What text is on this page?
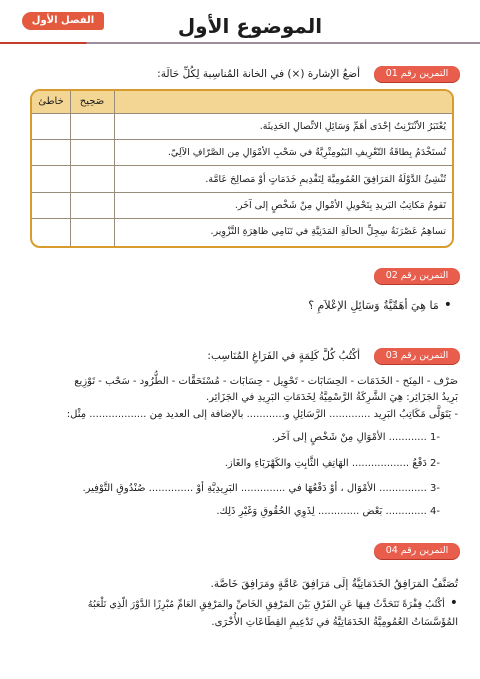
الفصل الأول	الموضوع الأول
التمرين رقم 01
أضعُ الإشارة (×) في الخانة المُناسِبة لِكُلِّ حَالَة:
خاطئ	صَحِيح
يُعْتَبَرُ الأنْتَرْنِتُ إحْدَى أهَمِّ وَسَائِلِ الاتِّصالِ الحَدِيثَة.
تُستَخْدَمُ بِطاقَةُ التّعْرِيفِ البَيُومِتْرِيَّةُ في سَحْبِ الأمْوَالِ مِن الصَّرّافِ الآلِيّ.
تُنْشِئُ الدَّوْلَةُ المَرَافِقَ العُمُومِيَّةَ لِتَقْدِيمِ خَدَمَاتٍ أوْ مَصالِحَ عَامَّة.
تَقومُ مَكاتِبُ البَريدِ بِتَحْويلِ الأمْوالِ مِنْ شَخْصٍ إلى آخَر.
تساهِمُ عَصْرَنَةُ سِجِلِّ الحالَةِ المَدَنِيَّةِ في تَنَامِي ظاهِرَةِ التَّزْوِير.
التمرين رقم 02
• مَا هِيَ أهَمِّيَّةُ وَسَائِلِ الإعْلاَمِ ؟
التمرين رقم 03
أكْتُبُ كُلَّ كَلِمَةٍ في الفَرَاغِ المُنَاسِب:
صَرْف - المِنَح - الخَدَمَات - الحِسَابَات - تَحْوِيل - حِسَابَات - مُسْتَحَقَّات - الطُّرُود - سَحْب - تَوْزِيع
بَرِيدُ الجَزَائِر: هِيَ الشَّرِكَةُ الرَّسْمِيَّةُ لِخَدَمَاتِ البَرِيدِ في الجَزَائِر.
- يَتَوَلَّى مَكَاتِبُ البَرِيد ............. الرَّسَائِلِ و............ بالإضافة إلى العديد مِن .................. مِثْل:
-1 ............ الأمْوَالِ مِنْ شَخْصٍ إلى آخَر.
-2 دَفْعُ .................. الهَاتِفِ الثَّابِتِ والكَهْرَبَاءِ والغَاز.
-3 ............... الأمْوَال ، أوْ دَفْعُهَا في .............. البَرِيدِيَّةِ أوْ .............. صُنْدُوقِ التَّوْفِير.
-4 ............. بَعْض ............. لِذَوِي الحُقُوقِ وَغَيْرِ ذَلِك.
التمرين رقم 04
تُصَنَّفُ المَرَافِقُ الخَدَمَاتِيَّةُ إلَى مَرَافِقَ عَامَّةٍ ومَرَافِقَ خَاصَّة.
• أكْتُبُ فِقْرَةً تَتَحَدَّثُ فِيهَا عَنِ الفَرْقِ بَيْنَ المَرْفِقِ الخَاصِّ والمَرْفِقِ العَامِّ مُبْرِزًا الدَّوْرَ الّذِي تَلْعَبُهُ
المُؤَسَّسَاتُ العُمُومِيَّةُ الخَدَمَاتِيَّةُ في تَدْعِيمِ القِطَاعَاتِ الأُخْرَى.
